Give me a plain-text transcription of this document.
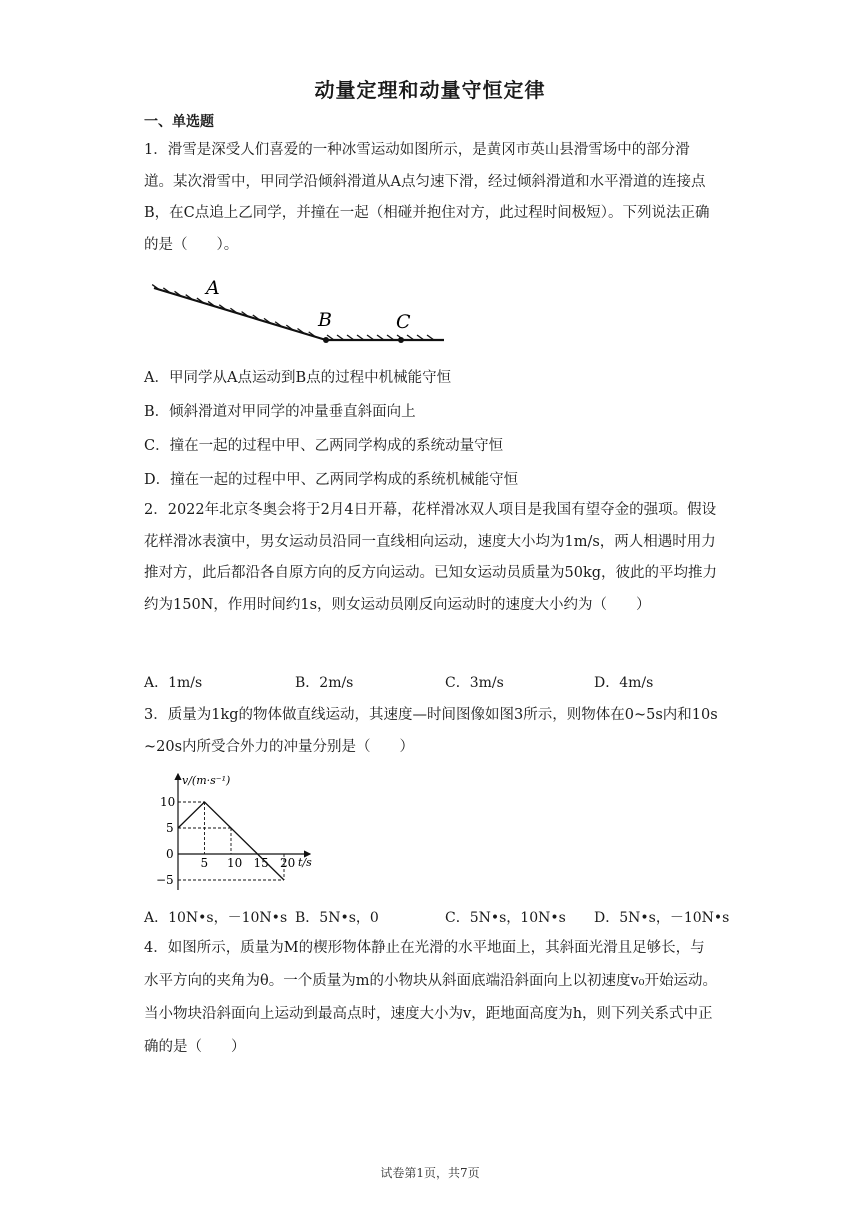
动量定理和动量守恒定律
一、单选题
1．滑雪是深受人们喜爱的一种冰雪运动如图所示，是黄冈市英山县滑雪场中的部分滑道。某次滑雪中，甲同学沿倾斜滑道从A点匀速下滑，经过倾斜滑道和水平滑道的连接点B，在C点追上乙同学，并撞在一起（相碰并抱住对方，此过程时间极短）。下列说法正确的是（　　）。
A
B	C
A．甲同学从A点运动到B点的过程中机械能守恒
B．倾斜滑道对甲同学的冲量垂直斜面向上
C．撞在一起的过程中甲、乙两同学构成的系统动量守恒
D．撞在一起的过程中甲、乙两同学构成的系统机械能守恒
2．2022年北京冬奥会将于2月4日开幕，花样滑冰双人项目是我国有望夺金的强项。假设花样滑冰表演中，男女运动员沿同一直线相向运动，速度大小均为1m/s，两人相遇时用力推对方，此后都沿各自原方向的反方向运动。已知女运动员质量为50kg，彼此的平均推力约为150N，作用时间约1s，则女运动员刚反向运动时的速度大小约为（　　）
A．1m/s	B．2m/s	C．3m/s	D．4m/s
3．质量为1kg的物体做直线运动，其速度—时间图像如图3所示，则物体在0~5s内和10s~20s内所受合外力的冲量分别是（　　）
v/(m·s⁻¹)
t/s
5 10 15 20
10
5
0
−5
A．10N•s，－10N•s B．5N•s，0	C．5N•s，10N•s D．5N•s，－10N•s
4．如图所示，质量为M的楔形物体静止在光滑的水平地面上，其斜面光滑且足够长，与水平方向的夹角为θ。一个质量为m的小物块从斜面底端沿斜面向上以初速度v₀开始运动。当小物块沿斜面向上运动到最高点时，速度大小为v，距地面高度为h，则下列关系式中正确的是（　　）
试卷第1页，共7页
